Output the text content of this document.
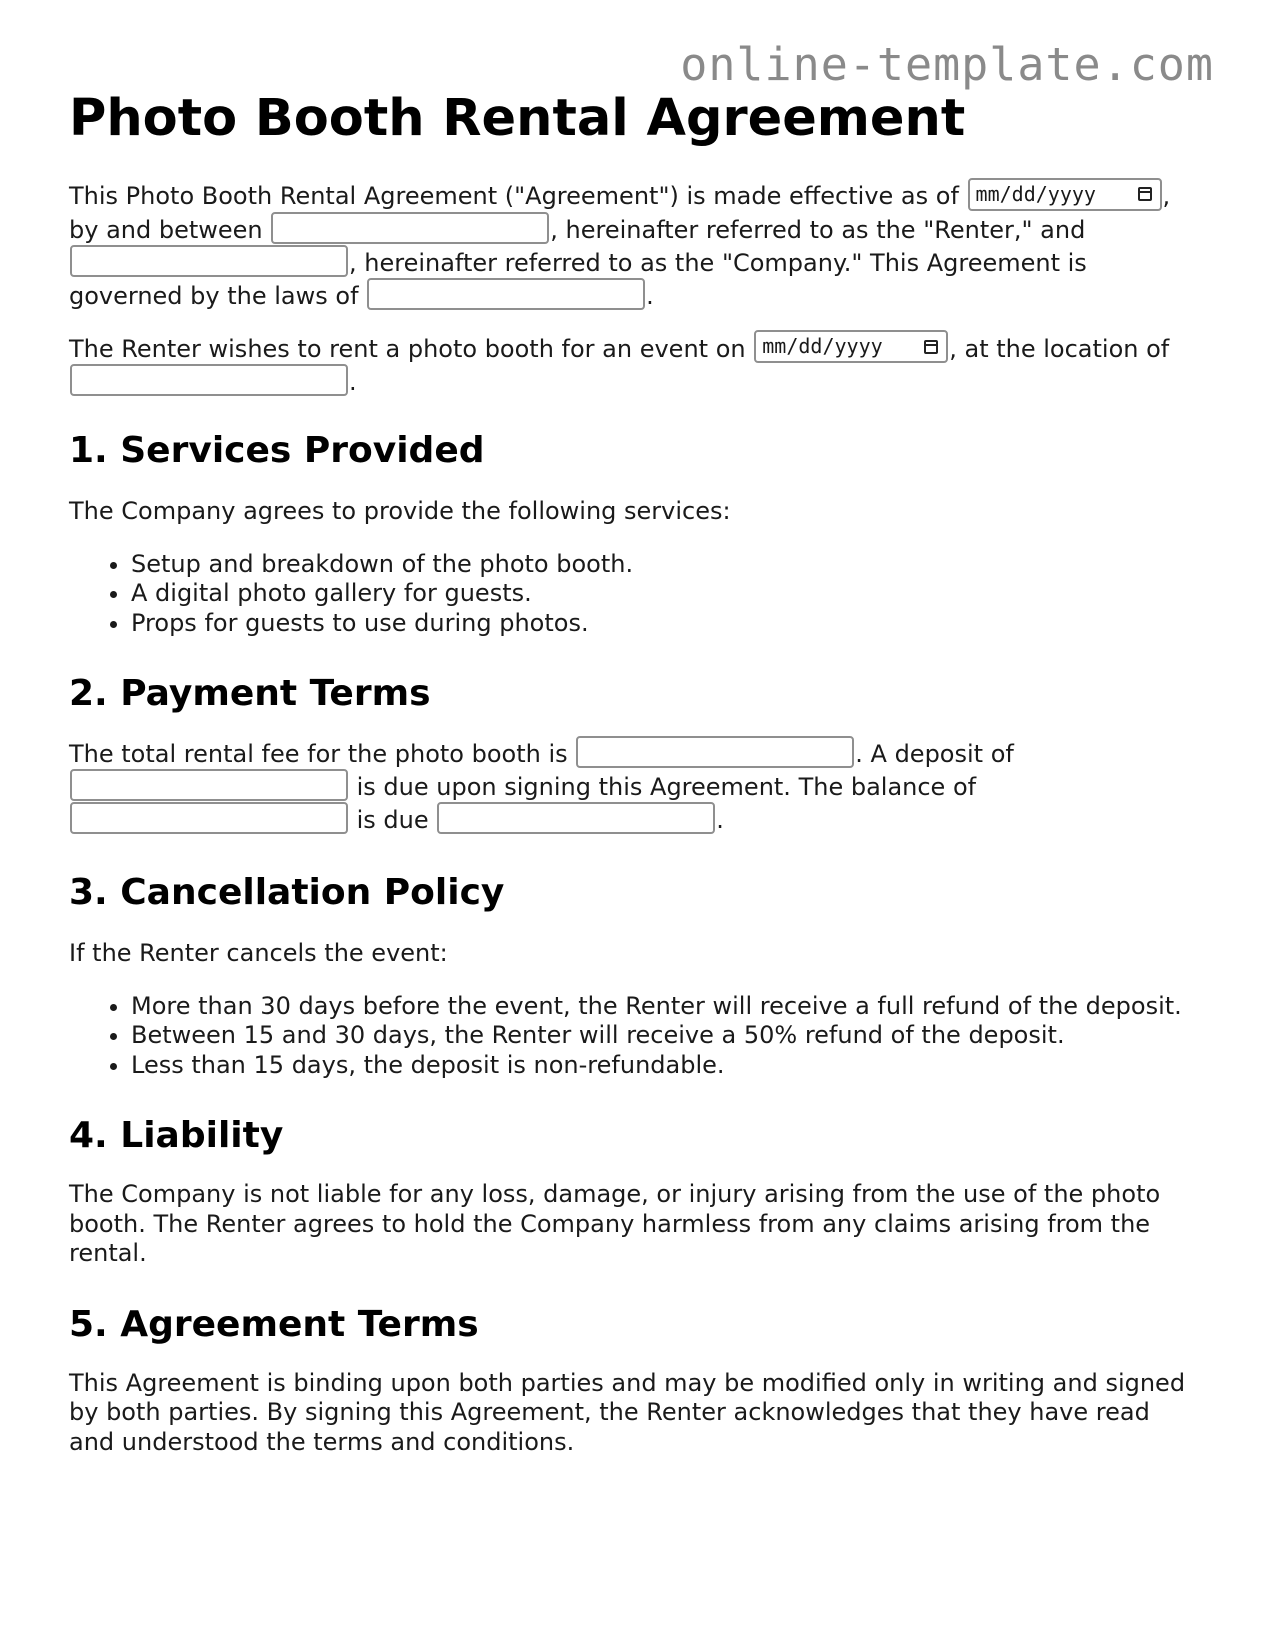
online-template.com
Photo Booth Rental Agreement

This Photo Booth Rental Agreement ("Agreement") is made effective as of mm/dd/yyyy	, by and between	, hereinafter referred to as the "Renter," and , hereinafter referred to as the "Company." This Agreement is governed by the laws of	.

The Renter wishes to rent a photo booth for an event on mm/dd/yyyy	, at the location of .

1. Services Provided

The Company agrees to provide the following services:

• Setup and breakdown of the photo booth.
• A digital photo gallery for guests.
• Props for guests to use during photos.
2. Payment Terms

The total rental fee for the photo booth is	. A deposit of  is due upon signing this Agreement. The balance of  is due	.

3. Cancellation Policy

If the Renter cancels the event:

• More than 30 days before the event, the Renter will receive a full refund of the deposit.
• Between 15 and 30 days, the Renter will receive a 50% refund of the deposit.
• Less than 15 days, the deposit is non-refundable.
4. Liability

The Company is not liable for any loss, damage, or injury arising from the use of the photo booth. The Renter agrees to hold the Company harmless from any claims arising from the rental.

5. Agreement Terms

This Agreement is binding upon both parties and may be modified only in writing and signed by both parties. By signing this Agreement, the Renter acknowledges that they have read and understood the terms and conditions.
